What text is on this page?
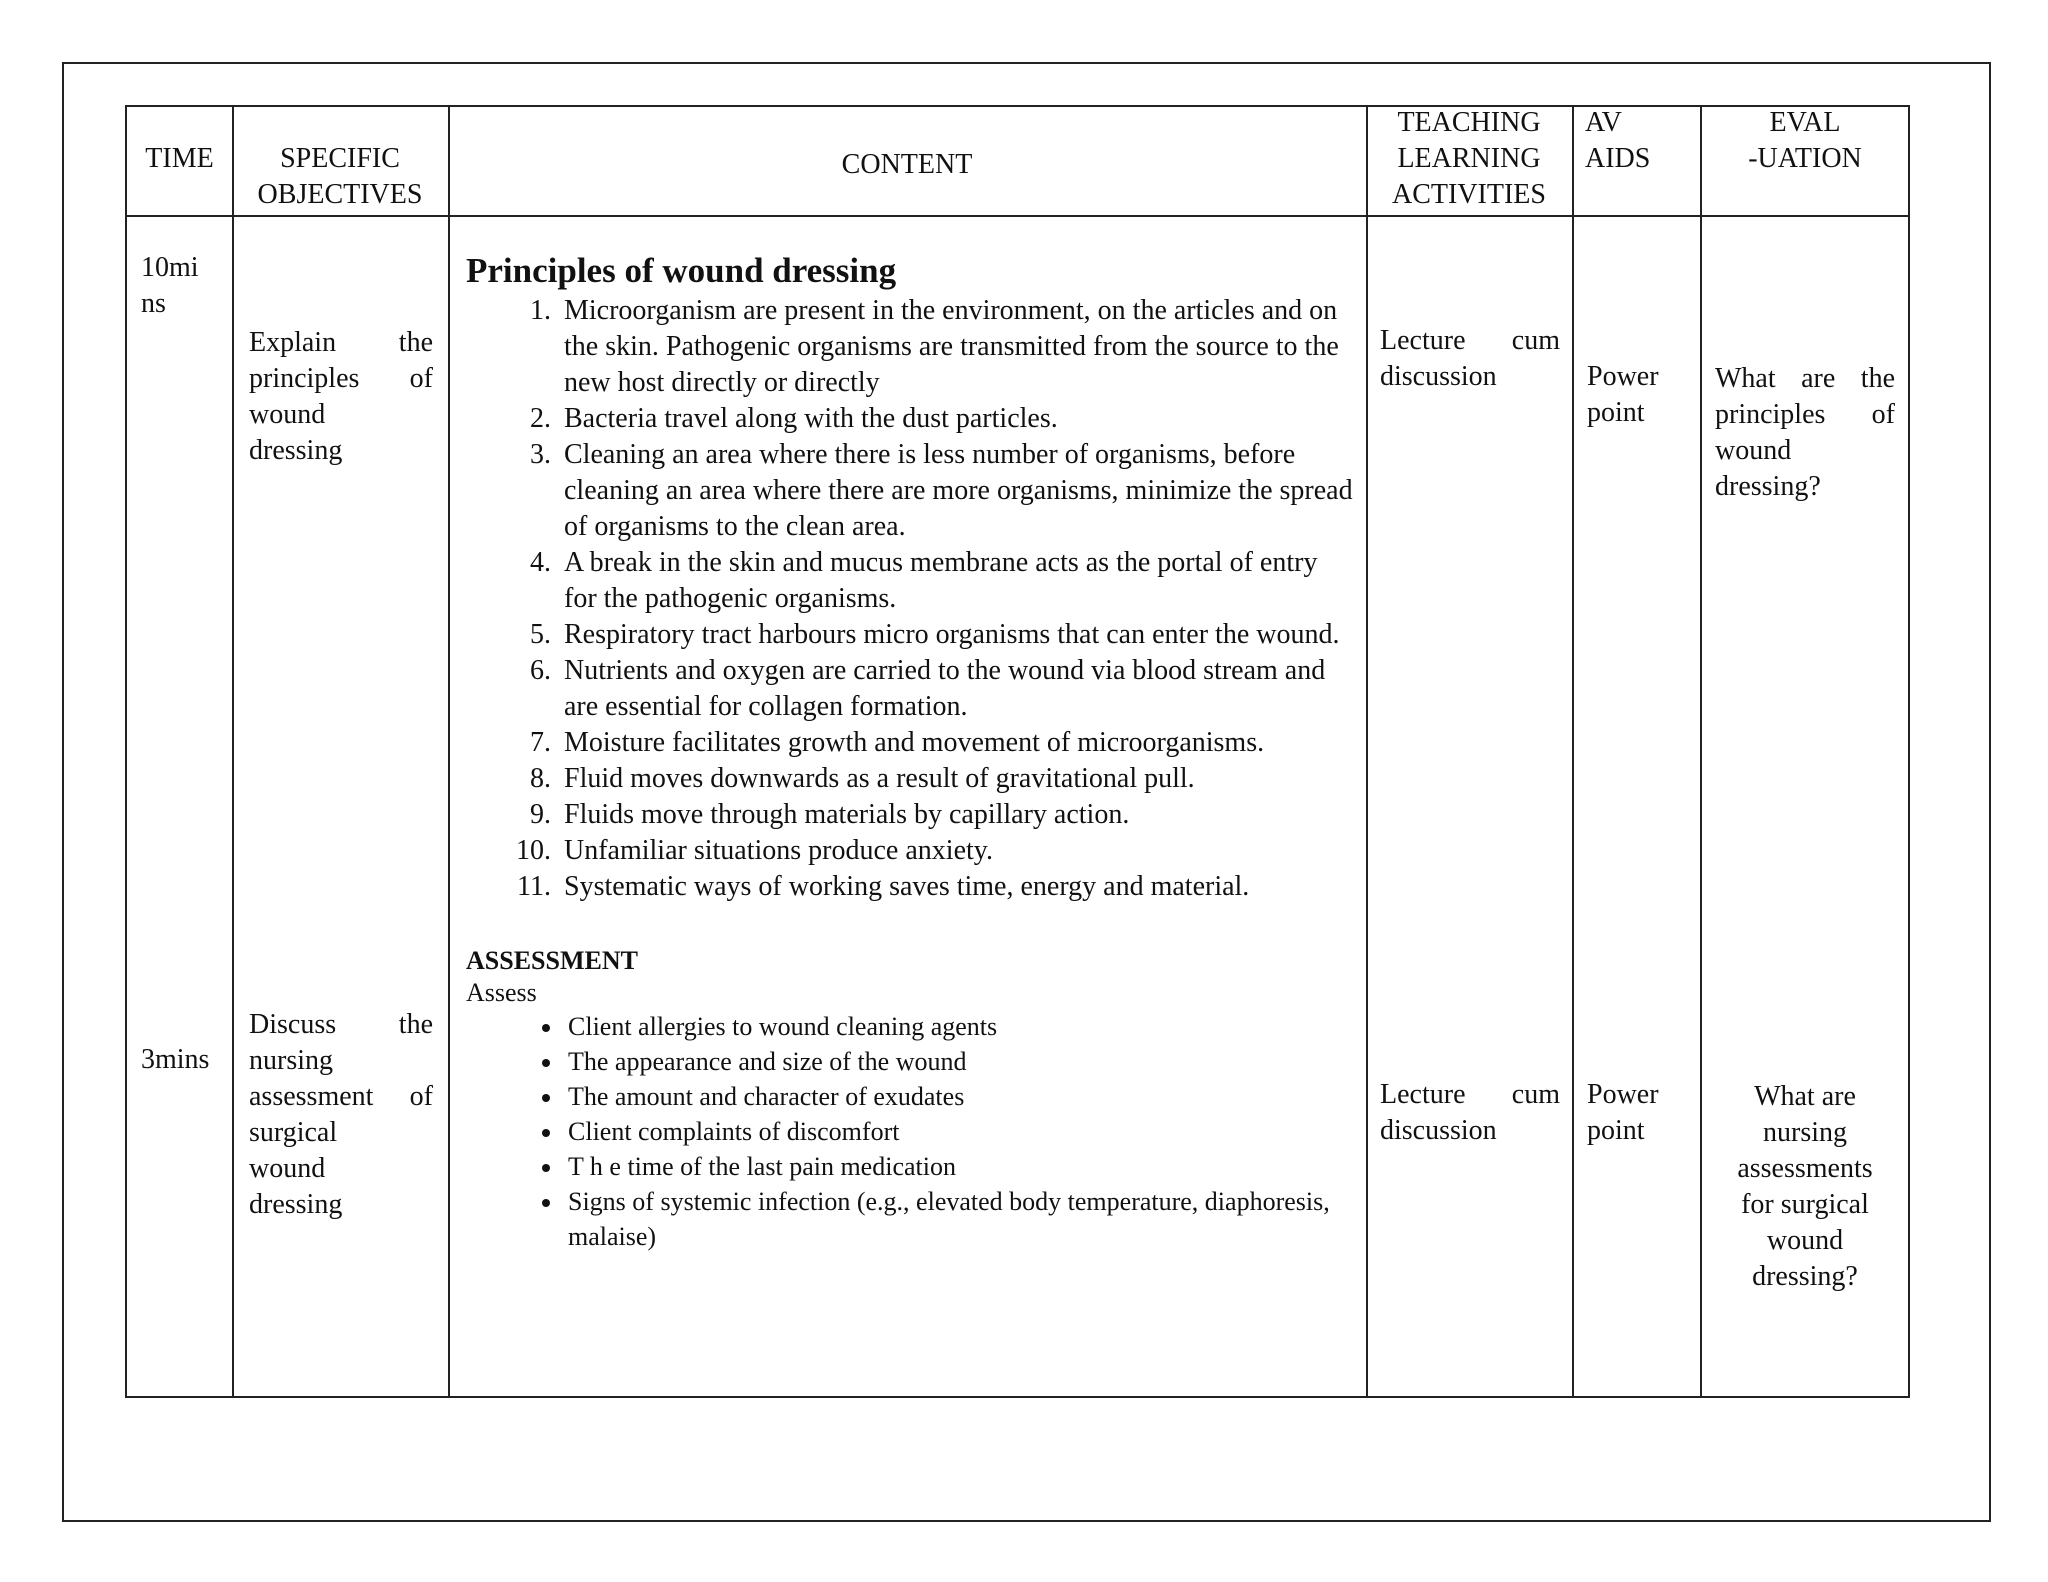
TIME	SPECIFIC
OBJECTIVES
CONTENT
TEACHING
LEARNING
ACTIVITIES
AV
AIDS
EVAL
-UATION
10mi
ns
Explain the
principles of
wound
dressing
Lecture cum
discussion	Power
point
What are the
principles of
wound
dressing?
3mins
Discuss the
nursing
assessment of
surgical
wound
dressing
Lecture cum
discussion
Power
point
What are
nursing
assessments
for surgical
wound
dressing?
Principles of wound dressing
1. Microorganism are present in the environment, on the articles and on the skin. Pathogenic organisms are transmitted from the source to the new host directly or directly
2. Bacteria travel along with the dust particles.
3. Cleaning an area where there is less number of organisms, before cleaning an area where there are more organisms, minimize the spread of organisms to the clean area.
4. A break in the skin and mucus membrane acts as the portal of entry for the pathogenic organisms.
5. Respiratory tract harbours micro organisms that can enter the wound.
6. Nutrients and oxygen are carried to the wound via blood stream and are essential for collagen formation.
7. Moisture facilitates growth and movement of microorganisms.
8. Fluid moves downwards as a result of gravitational pull.
9. Fluids move through materials by capillary action.
10. Unfamiliar situations produce anxiety.
11. Systematic ways of working saves time, energy and material.
ASSESSMENT
Assess
• Client allergies to wound cleaning agents
• The appearance and size of the wound
• The amount and character of exudates
• Client complaints of discomfort
• T h e time of the last pain medication
• Signs of systemic infection (e.g., elevated body temperature, diaphoresis, malaise)
